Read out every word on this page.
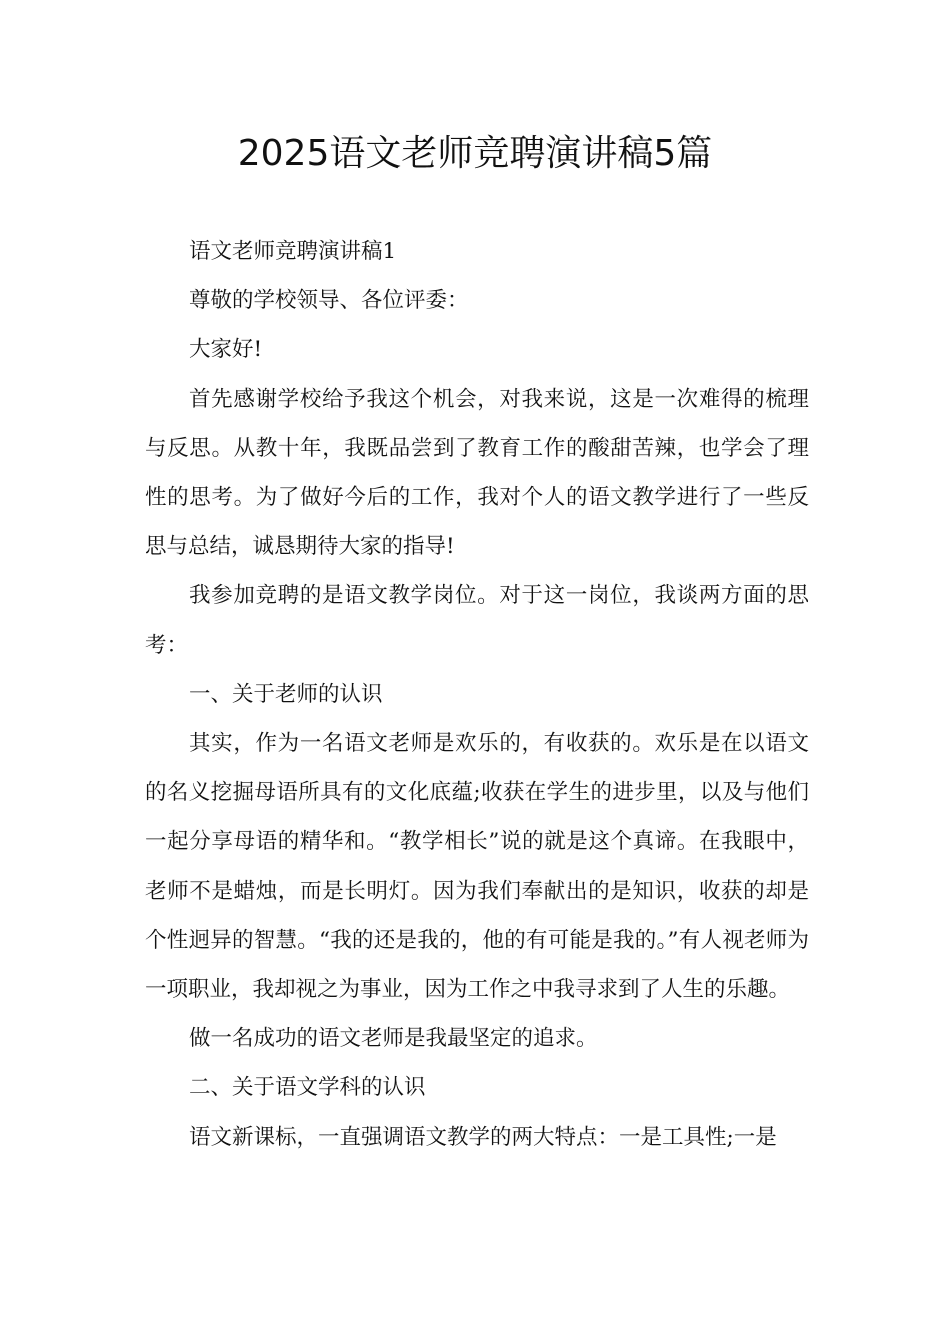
2025语文老师竞聘演讲稿5篇

语文老师竞聘演讲稿1

尊敬的学校领导、各位评委：

大家好!

首先感谢学校给予我这个机会，对我来说，这是一次难得的梳理与反思。从教十年，我既品尝到了教育工作的酸甜苦辣，也学会了理性的思考。为了做好今后的工作，我对个人的语文教学进行了一些反思与总结，诚恳期待大家的指导!

我参加竞聘的是语文教学岗位。对于这一岗位，我谈两方面的思考：

一、关于老师的认识

其实，作为一名语文老师是欢乐的，有收获的。欢乐是在以语文的名义挖掘母语所具有的文化底蕴;收获在学生的进步里，以及与他们一起分享母语的精华和。“教学相长”说的就是这个真谛。在我眼中，老师不是蜡烛，而是长明灯。因为我们奉献出的是知识，收获的却是个性迥异的智慧。“我的还是我的，他的有可能是我的。”有人视老师为一项职业，我却视之为事业，因为工作之中我寻求到了人生的乐趣。

做一名成功的语文老师是我最坚定的追求。

二、关于语文学科的认识

语文新课标，一直强调语文教学的两大特点：一是工具性;一是
